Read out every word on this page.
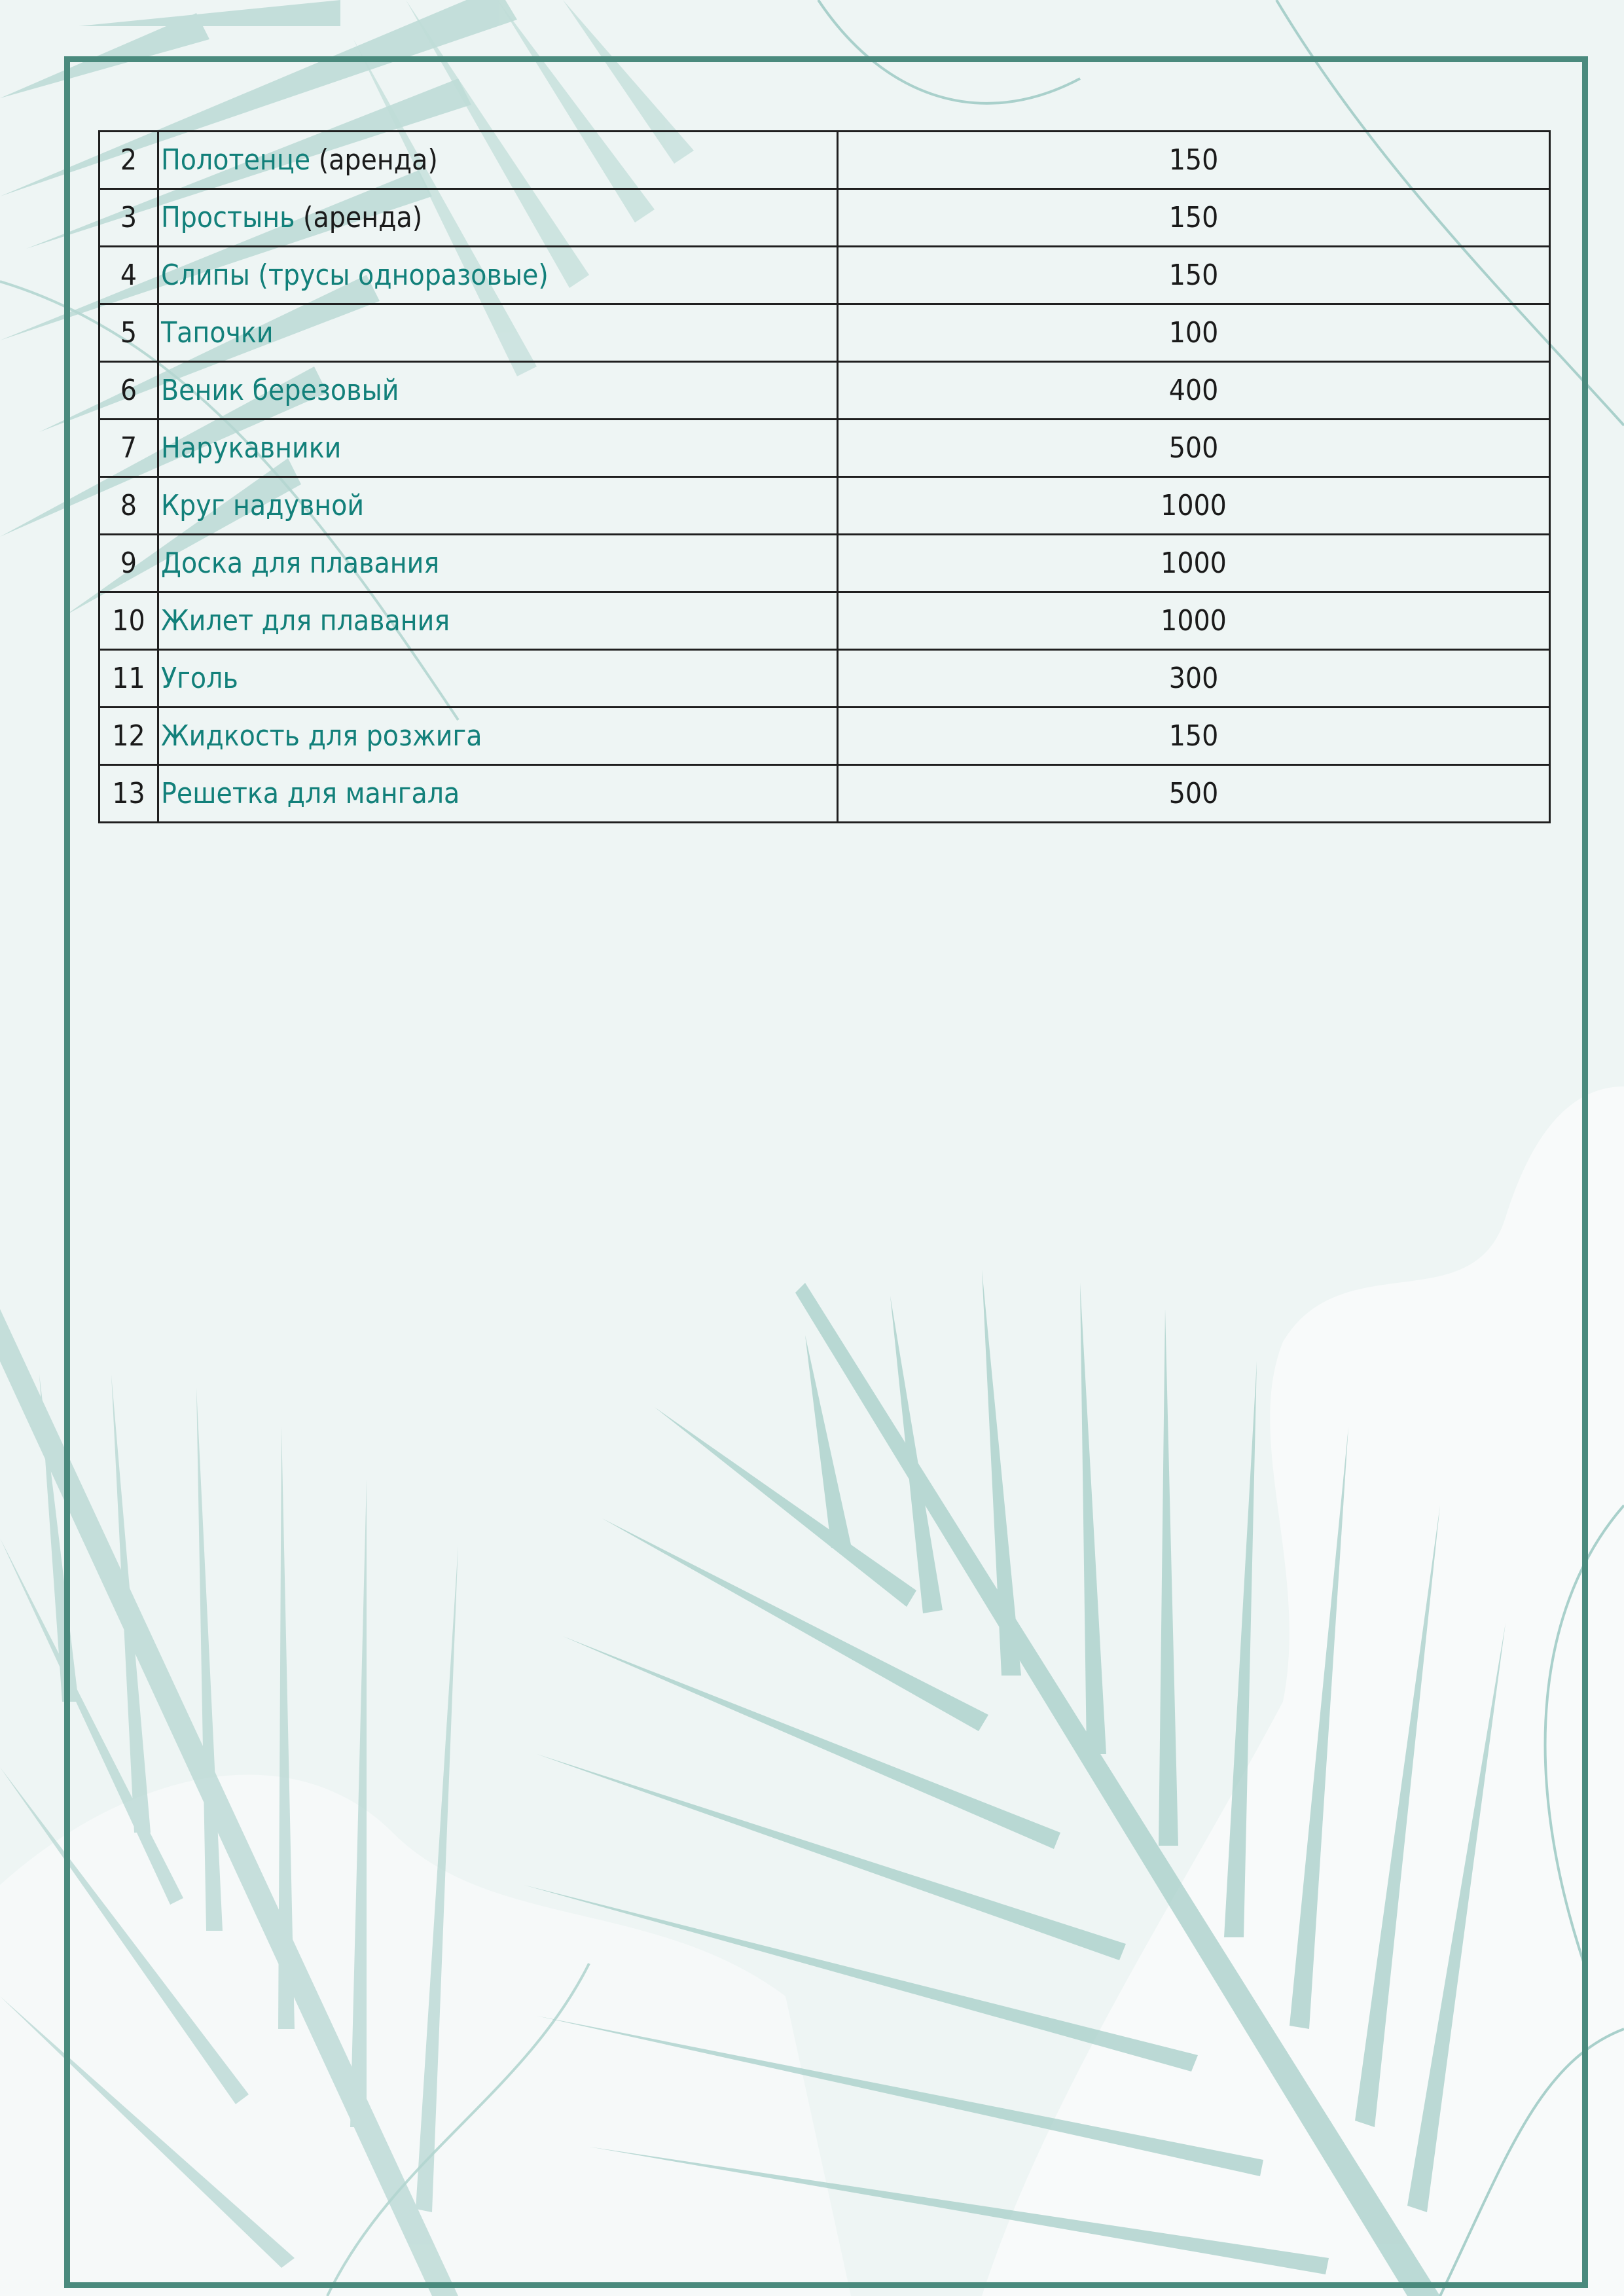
2	Полотенце (аренда)	150
3	Простынь (аренда)	150
4	Слипы (трусы одноразовые)	150
5	Тапочки	100
6	Веник березовый	400
7	Нарукавники	500
8	Круг надувной	1000
9	Доска для плавания	1000
10	Жилет для плавания	1000
11	Уголь	300
12	Жидкость для розжига	150
13	Решетка для мангала	500
